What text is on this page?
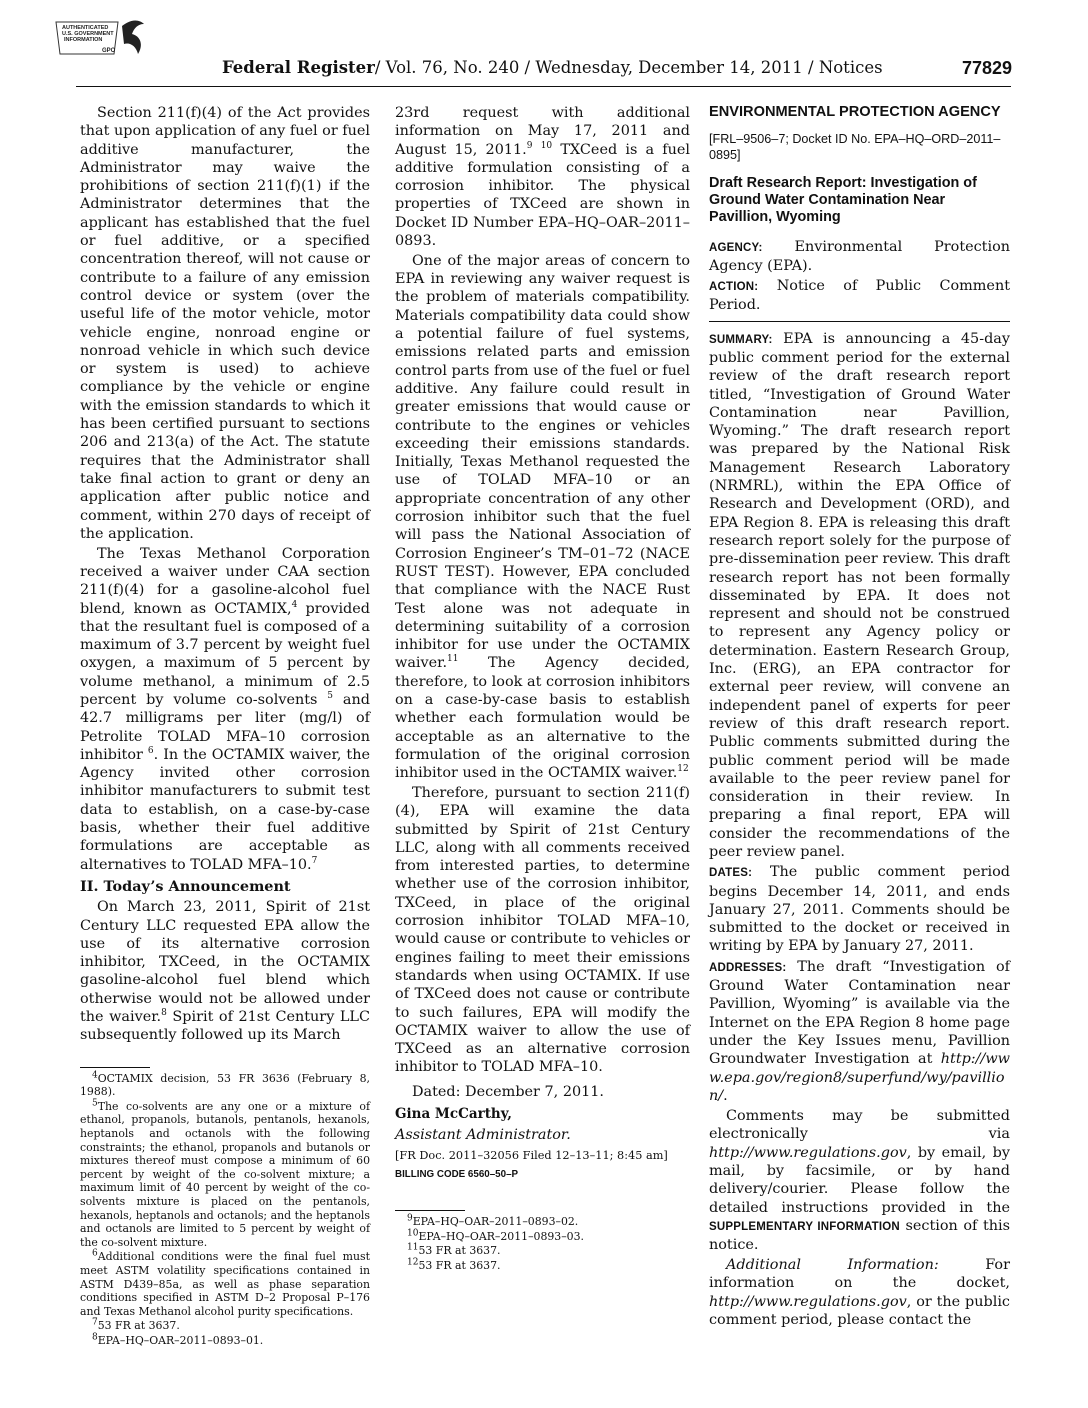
AUTHENTICATED
U.S. GOVERNMENT
INFORMATION
GPO
Federal Register/ Vol. 76, No. 240 / Wednesday, December 14, 2011 / Notices	77829

Section 211(f)(4) of the Act provides that upon application of any fuel or fuel additive manufacturer, the Administrator may waive the prohibitions of section 211(f)(1) if the Administrator determines that the applicant has established that the fuel or fuel additive, or a specified concentration thereof, will not cause or contribute to a failure of any emission control device or system (over the useful life of the motor vehicle, motor vehicle engine, nonroad engine or nonroad vehicle in which such device or system is used) to achieve compliance by the vehicle or engine with the emission standards to which it has been certified pursuant to sections 206 and 213(a) of the Act. The statute requires that the Administrator shall take final action to grant or deny an application after public notice and comment, within 270 days of receipt of the application.

The Texas Methanol Corporation received a waiver under CAA section 211(f)(4) for a gasoline-alcohol fuel blend, known as OCTAMIX,$^4$ provided that the resultant fuel is composed of a maximum of 3.7 percent by weight fuel oxygen, a maximum of 5 percent by volume methanol, a minimum of 2.5 percent by volume co-solvents $^5$ and 42.7 milligrams per liter (mg/l) of Petrolite TOLAD MFA–10 corrosion inhibitor $^6$. In the OCTAMIX waiver, the Agency invited other corrosion inhibitor manufacturers to submit test data to establish, on a case-by-case basis, whether their fuel additive formulations are acceptable as alternatives to TOLAD MFA–10.$^7$

II. Today’s Announcement

On March 23, 2011, Spirit of 21st Century LLC requested EPA allow the use of its alternative corrosion inhibitor, TXCeed, in the OCTAMIX gasoline-alcohol fuel blend which otherwise would not be allowed under the waiver.$^8$ Spirit of 21st Century LLC subsequently followed up its March

$^4$OCTAMIX decision, 53 FR 3636 (February 8, 1988).

$^5$The co-solvents are any one or a mixture of ethanol, propanols, butanols, pentanols, hexanols, heptanols and octanols with the following constraints; the ethanol, propanols and butanols or mixtures thereof must compose a minimum of 60 percent by weight of the co-solvent mixture; a maximum limit of 40 percent by weight of the co-solvents mixture is placed on the pentanols, hexanols, heptanols and octanols; and the heptanols and octanols are limited to 5 percent by weight of the co-solvent mixture.

$^6$Additional conditions were the final fuel must meet ASTM volatility specifications contained in ASTM D439–85a, as well as phase separation conditions specified in ASTM D–2 Proposal P–176 and Texas Methanol alcohol purity specifications.

$^7$53 FR at 3637.

$^8$EPA–HQ–OAR–2011–0893–01.

23rd request with additional information on May 17, 2011 and August 15, 2011.$^9$ $^{10}$ TXCeed is a fuel additive formulation consisting of a corrosion inhibitor. The physical properties of TXCeed are shown in Docket ID Number EPA–HQ–OAR–2011–0893.

One of the major areas of concern to EPA in reviewing any waiver request is the problem of materials compatibility. Materials compatibility data could show a potential failure of fuel systems, emissions related parts and emission control parts from use of the fuel or fuel additive. Any failure could result in greater emissions that would cause or contribute to the engines or vehicles exceeding their emissions standards. Initially, Texas Methanol requested the use of TOLAD MFA–10 or an appropriate concentration of any other corrosion inhibitor such that the fuel will pass the National Association of Corrosion Engineer’s TM–01–72 (NACE RUST TEST). However, EPA concluded that compliance with the NACE Rust Test alone was not adequate in determining suitability of a corrosion inhibitor for use under the OCTAMIX waiver.$^{11}$ The Agency decided, therefore, to look at corrosion inhibitors on a case-by-case basis to establish whether each formulation would be acceptable as an alternative to the formulation of the original corrosion inhibitor used in the OCTAMIX waiver.$^{12}$

Therefore, pursuant to section 211(f)(4), EPA will examine the data submitted by Spirit of 21st Century LLC, along with all comments received from interested parties, to determine whether use of the corrosion inhibitor, TXCeed, in place of the original corrosion inhibitor TOLAD MFA–10, would cause or contribute to vehicles or engines failing to meet their emissions standards when using OCTAMIX. If use of TXCeed does not cause or contribute to such failures, EPA will modify the OCTAMIX waiver to allow the use of TXCeed as an alternative corrosion inhibitor to TOLAD MFA–10.

Dated: December 7, 2011.

Gina McCarthy,

Assistant Administrator.

[FR Doc. 2011–32056 Filed 12–13–11; 8:45 am]

BILLING CODE 6560–50–P

$^9$EPA–HQ–OAR–2011–0893–02.

$^{10}$EPA–HQ–OAR–2011–0893–03.

$^{11}$53 FR at 3637.

$^{12}$53 FR at 3637.

ENVIRONMENTAL PROTECTION AGENCY
[FRL–9506–7; Docket ID No. EPA–HQ–ORD–2011–0895]
Draft Research Report: Investigation of Ground Water Contamination Near Pavillion, Wyoming

AGENCY: Environmental Protection Agency (EPA).

ACTION: Notice of Public Comment Period.

SUMMARY: EPA is announcing a 45-day public comment period for the external review of the draft research report titled, “Investigation of Ground Water Contamination near Pavillion, Wyoming.” The draft research report was prepared by the National Risk Management Research Laboratory (NRMRL), within the EPA Office of Research and Development (ORD), and EPA Region 8. EPA is releasing this draft research report solely for the purpose of pre-dissemination peer review. This draft research report has not been formally disseminated by EPA. It does not represent and should not be construed to represent any Agency policy or determination. Eastern Research Group, Inc. (ERG), an EPA contractor for external peer review, will convene an independent panel of experts for peer review of this draft research report. Public comments submitted during the public comment period will be made available to the peer review panel for consideration in their review. In preparing a final report, EPA will consider the recommendations of the peer review panel.

DATES: The public comment period begins December 14, 2011, and ends January 27, 2011. Comments should be submitted to the docket or received in writing by EPA by January 27, 2011.

ADDRESSES: The draft “Investigation of Ground Water Contamination near Pavillion, Wyoming” is available via the Internet on the EPA Region 8 home page under the Key Issues menu, Pavillion Groundwater Investigation at http://www.epa.gov/region8/superfund/wy/pavillion/.

Comments may be submitted electronically via http://www.regulations.gov, by email, by mail, by facsimile, or by hand delivery/courier. Please follow the detailed instructions provided in the SUPPLEMENTARY INFORMATION section of this notice.

Additional Information: For information on the docket, http://www.regulations.gov, or the public comment period, please contact the
